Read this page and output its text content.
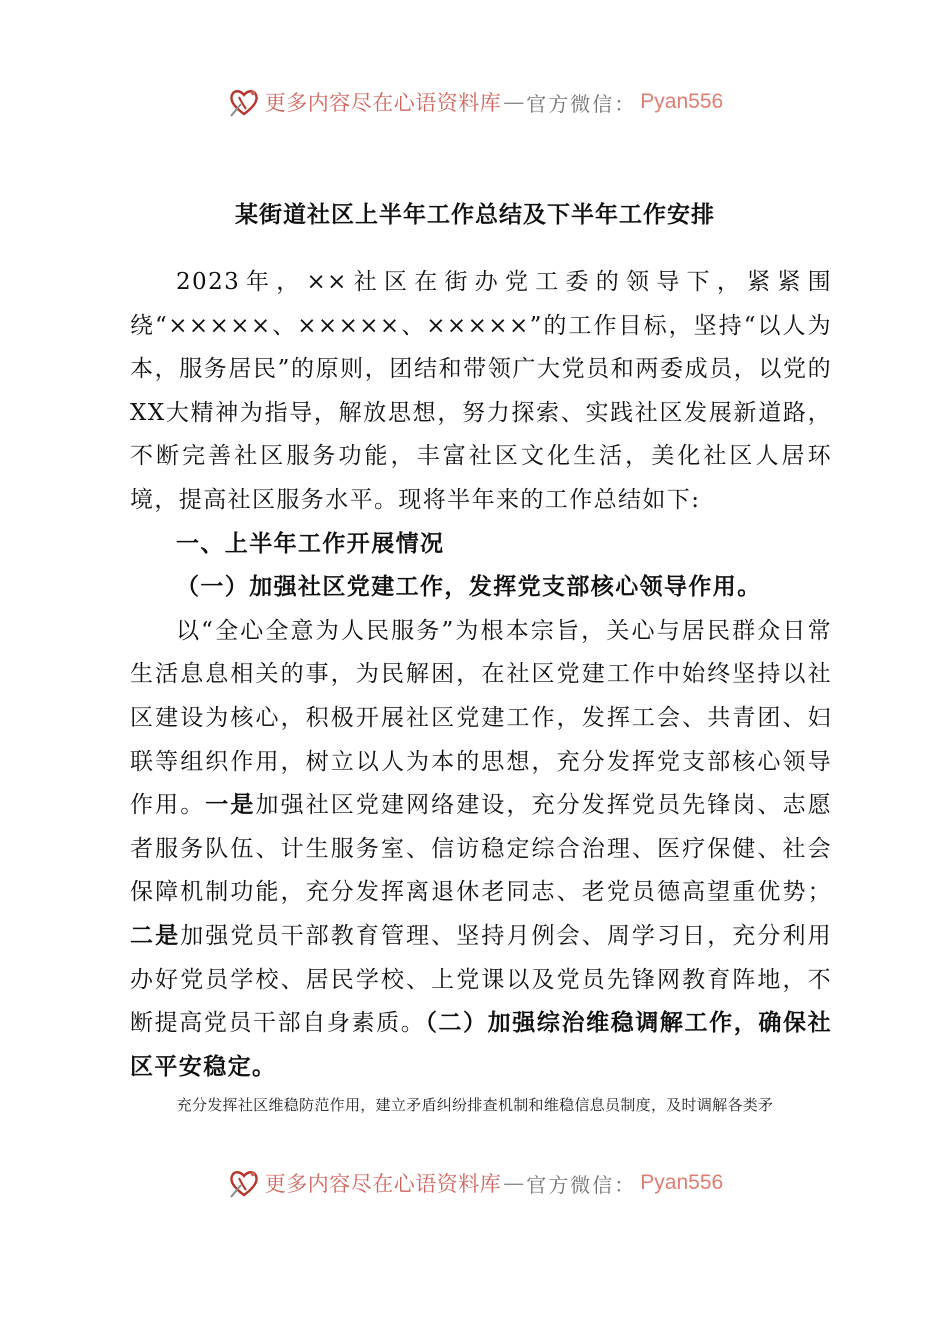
更多内容尽在心语资料库 — 官方微信： Pyan556
某街道社区上半年工作总结及下半年工作安排

2023年，××社区在街办党工委的领导下，紧紧围绕“×××××、×××××、×××××”的工作目标，坚持“以人为本，服务居民”的原则，团结和带领广大党员和两委成员，以党的XX大精神为指导，解放思想，努力探索、实践社区发展新道路，不断完善社区服务功能，丰富社区文化生活，美化社区人居环境，提高社区服务水平。现将半年来的工作总结如下:

一、上半年工作开展情况

（一）加强社区党建工作，发挥党支部核心领导作用。

以“全心全意为人民服务”为根本宗旨，关心与居民群众日常生活息息相关的事，为民解困，在社区党建工作中始终坚持以社区建设为核心，积极开展社区党建工作，发挥工会、共青团、妇联等组织作用，树立以人为本的思想，充分发挥党支部核心领导作用。一是加强社区党建网络建设，充分发挥党员先锋岗、志愿者服务队伍、计生服务室、信访稳定综合治理、医疗保健、社会保障机制功能，充分发挥离退休老同志、老党员德高望重优势；二是加强党员干部教育管理、坚持月例会、周学习日，充分利用办好党员学校、居民学校、上党课以及党员先锋网教育阵地，不断提高党员干部自身素质。（二）加强综治维稳调解工作，确保社区平安稳定。

充分发挥社区维稳防范作用，建立矛盾纠纷排查机制和维稳信息员制度，及时调解各类矛
更多内容尽在心语资料库 — 官方微信： Pyan556
